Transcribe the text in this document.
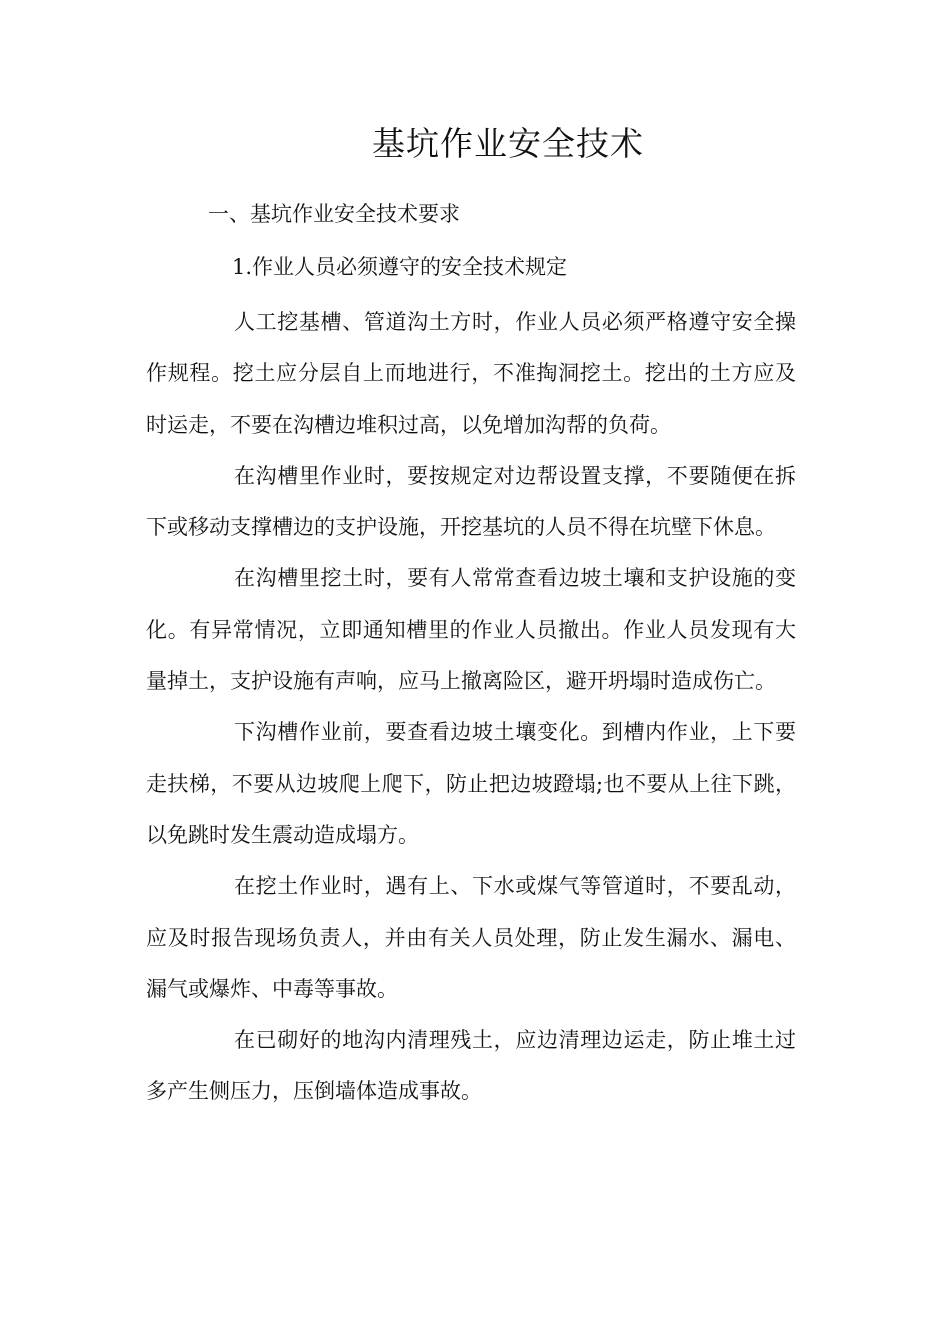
基坑作业安全技术
一、基坑作业安全技术要求
1.作业人员必须遵守的安全技术规定

人工挖基槽、管道沟土方时，作业人员必须严格遵守安全操作规程。挖土应分层自上而地进行，不准掏洞挖土。挖出的土方应及时运走，不要在沟槽边堆积过高，以免增加沟帮的负荷。

在沟槽里作业时，要按规定对边帮设置支撑，不要随便在拆下或移动支撑槽边的支护设施，开挖基坑的人员不得在坑壁下休息。

在沟槽里挖土时，要有人常常查看边坡土壤和支护设施的变化。有异常情况，立即通知槽里的作业人员撤出。作业人员发现有大量掉土，支护设施有声响，应马上撤离险区，避开坍塌时造成伤亡。

下沟槽作业前，要查看边坡土壤变化。到槽内作业，上下要走扶梯，不要从边坡爬上爬下，防止把边坡蹬塌;也不要从上往下跳，以免跳时发生震动造成塌方。

在挖土作业时，遇有上、下水或煤气等管道时，不要乱动，应及时报告现场负责人，并由有关人员处理，防止发生漏水、漏电、漏气或爆炸、中毒等事故。

在已砌好的地沟内清理残土，应边清理边运走，防止堆土过多产生侧压力，压倒墙体造成事故。
